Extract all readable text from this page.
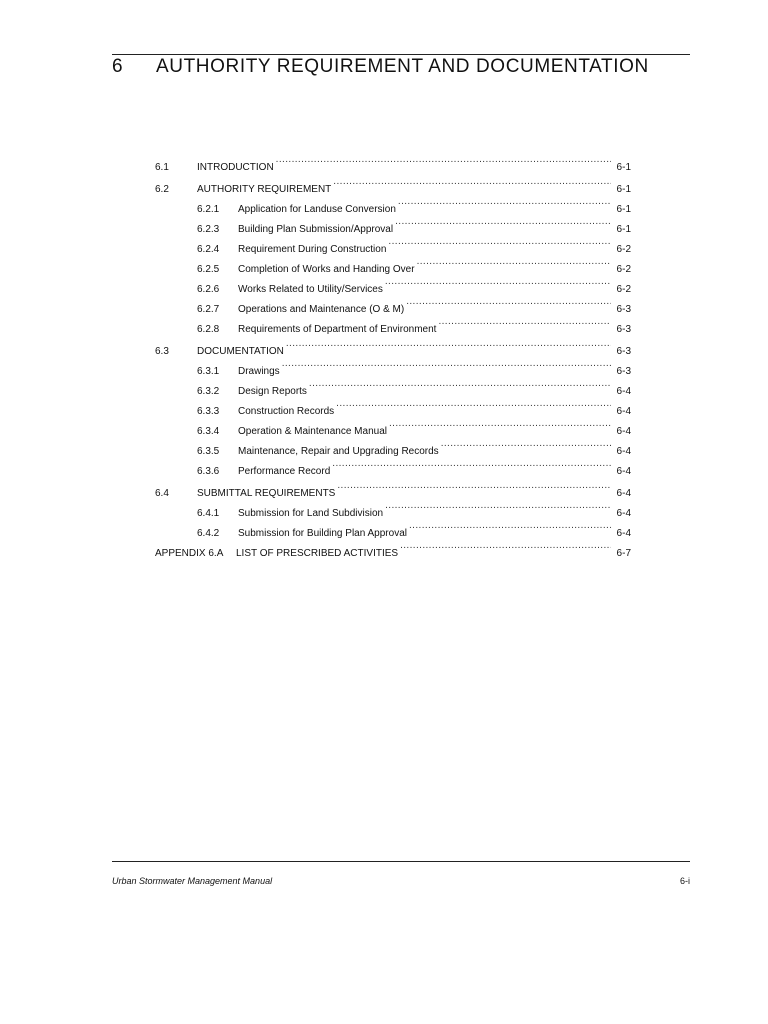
6 AUTHORITY REQUIREMENT AND DOCUMENTATION
6.1	INTRODUCTION .....	6-1
6.2	AUTHORITY REQUIREMENT .....	6-1
6.2.1	Application for Landuse Conversion .....	6-1
6.2.3	Building Plan Submission/Approval .....	6-1
6.2.4	Requirement During Construction .....	6-2
6.2.5	Completion of Works and Handing Over .....	6-2
6.2.6	Works Related to Utility/Services .....	6-2
6.2.7	Operations and Maintenance (O & M) .....	6-3
6.2.8	Requirements of Department of Environment .....	6-3
6.3	DOCUMENTATION .....	6-3
6.3.1	Drawings .....	6-3
6.3.2	Design Reports .....	6-4
6.3.3	Construction Records .....	6-4
6.3.4	Operation & Maintenance Manual .....	6-4
6.3.5	Maintenance, Repair and Upgrading Records .....	6-4
6.3.6	Performance Record .....	6-4
6.4	SUBMITTAL REQUIREMENTS .....	6-4
6.4.1	Submission for Land Subdivision .....	6-4
6.4.2	Submission for Building Plan Approval .....	6-4
APPENDIX 6.A	LIST OF PRESCRIBED ACTIVITIES .....	6-7
Urban Stormwater Management Manual	6-i
